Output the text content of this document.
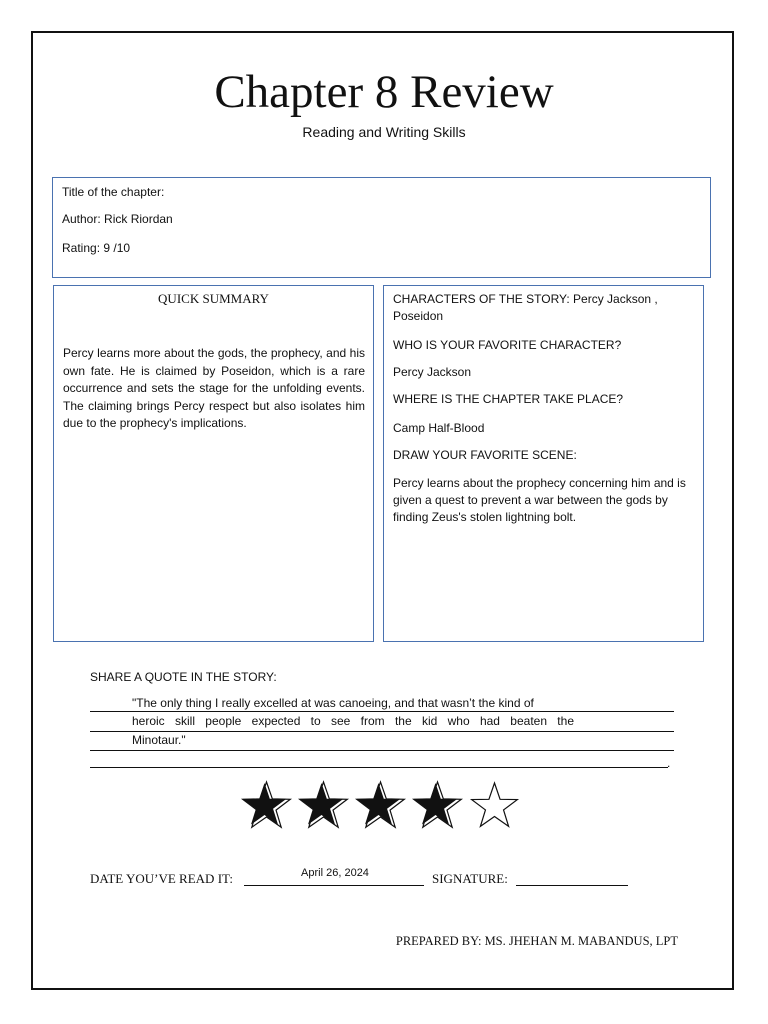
Chapter 8 Review
Reading and Writing Skills
Title of the chapter:
Author: Rick Riordan
Rating: 9 /10
QUICK SUMMARY

Percy learns more about the gods, the prophecy, and his own fate. He is claimed by Poseidon, which is a rare occurrence and sets the stage for the unfolding events. The claiming brings Percy respect but also isolates him due to the prophecy's implications.

CHARACTERS OF THE STORY: Percy Jackson , Poseidon

WHO IS YOUR FAVORITE CHARACTER?

Percy Jackson

WHERE IS THE CHAPTER TAKE PLACE?

Camp Half-Blood

DRAW YOUR FAVORITE SCENE:

Percy learns about the prophecy concerning him and is given a quest to prevent a war between the gods by finding Zeus's stolen lightning bolt.

SHARE A QUOTE IN THE STORY:
"The only thing I really excelled at was canoeing, and that wasn’t the kind of
heroic skill people expected to see from the kid who had beaten the
Minotaur."
.
DATE YOU’VE READ IT:	April 26, 2024	SIGNATURE:
PREPARED BY: MS. JHEHAN M. MABANDUS, LPT
